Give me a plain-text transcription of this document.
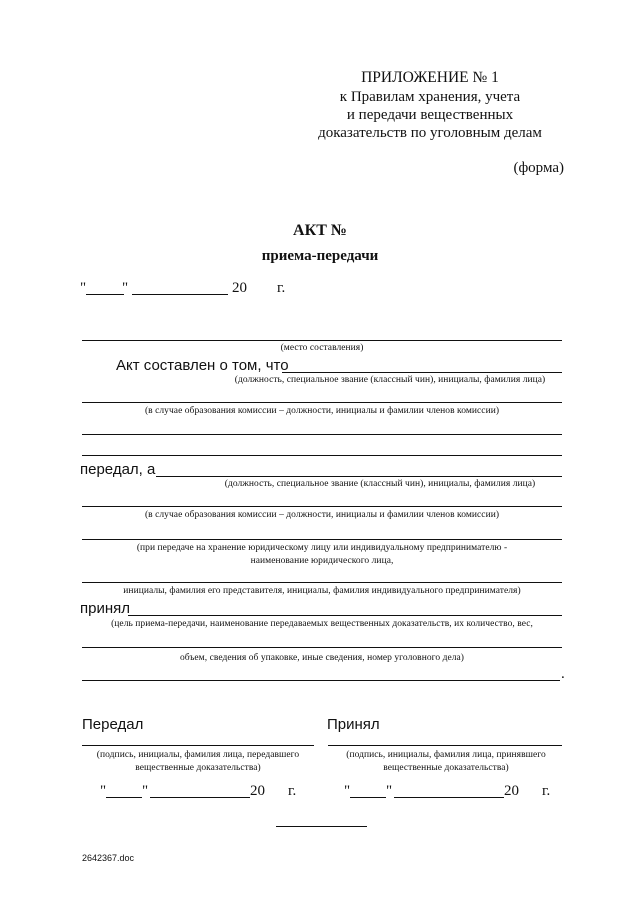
ПРИЛОЖЕНИЕ № 1
к Правилам хранения, учета
и передачи вещественных
доказательств по уголовным делам
(форма)
АКТ №
приема-передачи
" "	20 г.
(место составления)
Акт составлен о том, что
(должность, специальное звание (классный чин), инициалы, фамилия лица)
(в случае образования комиссии – должности, инициалы и фамилии членов комиссии)
передал, а
(должность, специальное звание (классный чин), инициалы, фамилия лица)
(в случае образования комиссии – должности, инициалы и фамилии членов комиссии)
(при передаче на хранение юридическому лицу или индивидуальному предпринимателю -
наименование юридического лица,
инициалы, фамилия его представителя, инициалы, фамилия индивидуального предпринимателя)
принял
(цель приема-передачи, наименование передаваемых вещественных доказательств, их количество, вес,
объем, сведения об упаковке, иные сведения, номер уголовного дела)
.
Передал	Принял
(подпись, инициалы, фамилия лица, передавшего
вещественные доказательства)
(подпись, инициалы, фамилия лица, принявшего
вещественные доказательства)
" "	20 г.	" "	20 г.
2642367.doc
